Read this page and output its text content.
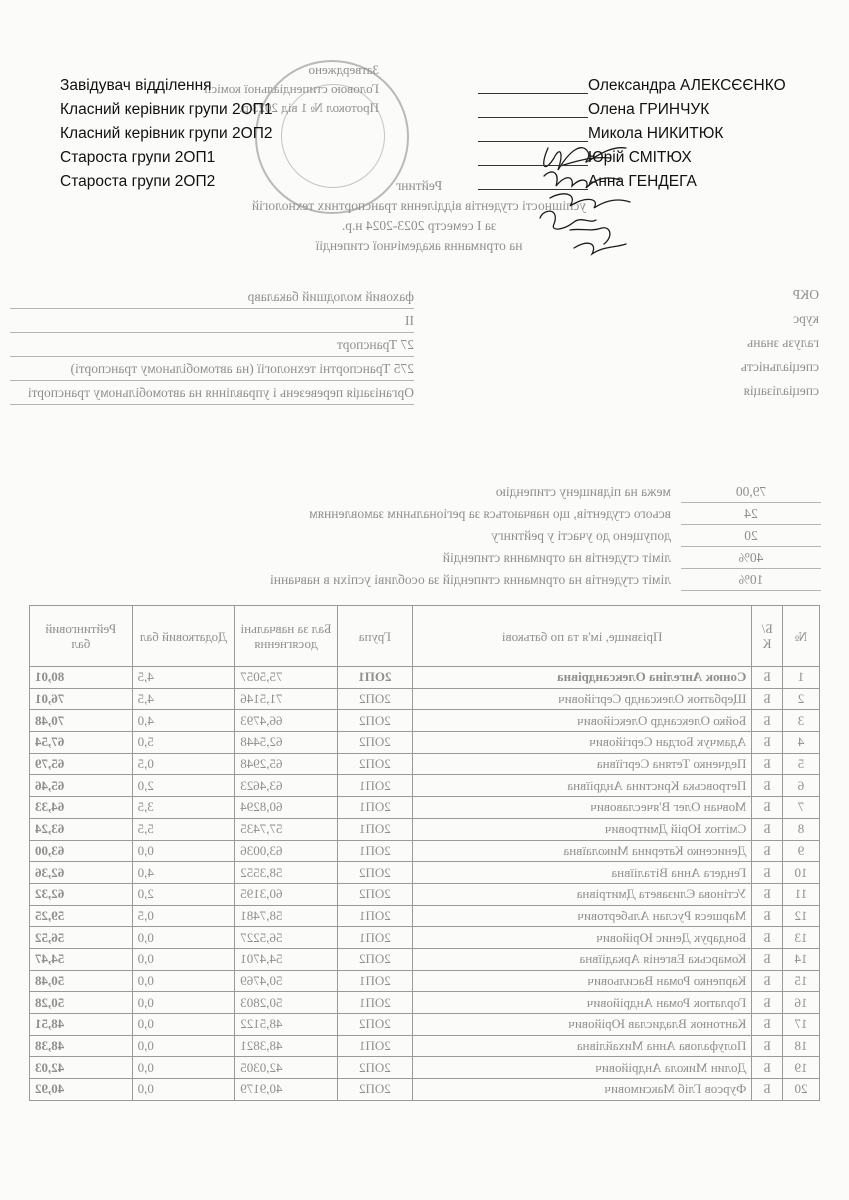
Затверджено
Головою стипендіальної комісії
Протокол № 1 від 2023 р.
Рейтинг
успішності студентів відділення транспортних технологій
за І семестр 2023-2024 н.р.
на отримання академічної стипендії
ОКР
фаховий молодший бакалавр
курс
ІІ
галузь знань
27 Транспорт
спеціальність
275 Транспортні технології (на автомобільному транспорті)
спеціалізація
Організація перевезень і управління на автомобільному транспорті
межа на підвищену стипендію	79,00
всього студентів, що навчаються за регіональним замовленням	24
допущено до участі у рейтингу	20
ліміт студентів на отримання стипендій	40%
ліміт студентів на отримання стипендій за особливі успіхи в навчанні	10%
№	Б/К	Прізвище, ім'я та по батькові	Група	Бал за навчальні досягнення	Додатковий бал	Рейтинговий бал
1	Б	Сонюк Ангеліна Олександрівна	2ОП1	75,5057	4,5	80,01
2	Б	Щербатюк Олександр Сергійович	2ОП2	71,5146	4,5	76,01
3	Б	Бойко Олександр Олексійович	2ОП2	66,4793	4,0	70,48
4	Б	Адамчук Богдан Сергійович	2ОП2	62,5448	5,0	67,54
5	Б	Педченко Тетяна Сергіївна	2ОП2	65,2948	0,5	65,79
6	Б	Петровська Кристина Андріївна	2ОП1	63,4623	2,0	65,46
7	Б	Мовчан Олег В'ячеславович	2ОП1	60,8294	3,5	64,33
8	Б	Смітюх Юрій Дмитрович	2ОП1	57,7435	5,5	63,24
9	Б	Денисенко Катерина Миколаївна	2ОП1	63,0036	0,0	63,00
10	Б	Гендега Анна Віталіївна	2ОП2	58,3552	4,0	62,36
11	Б	Устінова Єлизавета Дмитрівна	2ОП2	60,3195	2,0	62,32
12	Б	Маршеся Руслан Альбертович	2ОП1	58,7481	0,5	59,25
13	Б	Бондарук Денис Юрійович	2ОП1	56,5227	0,0	56,52
14	Б	Комарська Евгенія Аркадіївна	2ОП2	54,4701	0,0	54,47
15	Б	Карпенко Роман Васильович	2ОП1	50,4769	0,0	50,48
16	Б	Горлатюк Роман Андрійович	2ОП1	50,2803	0,0	50,28
17	Б	Кантонюк Владислав Юрійович	2ОП2	48,5122	0,0	48,51
18	Б	Полуфалова Анна Михайлівна	2ОП1	48,3821	0,0	48,38
19	Б	Долин Микола Андрійович	2ОП2	42,0305	0,0	42,03
20	Б	Фурсов Гліб Максимович	2ОП2	40,9179	0,0	40,92
Завідувач відділення	Олександра АЛЕКСЄЄНКО
Класний керівник групи 2ОП1	Олена ГРИНЧУК
Класний керівник групи 2ОП2	Микола НИКИТЮК
Староста групи 2ОП1	Юрій СМІТЮХ
Староста групи 2ОП2	Анна ГЕНДЕГА
